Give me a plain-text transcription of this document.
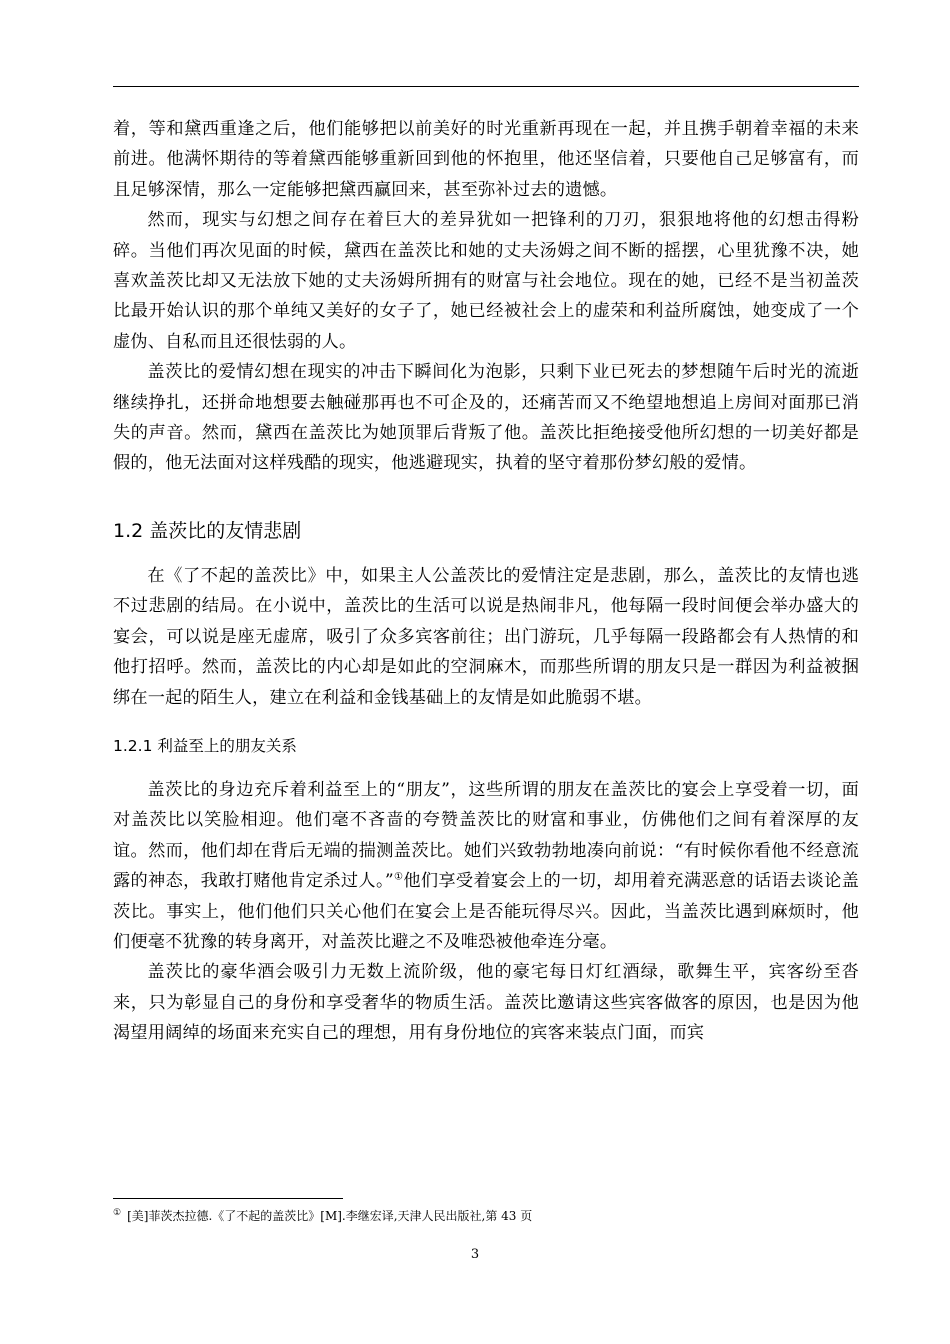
着，等和黛西重逢之后，他们能够把以前美好的时光重新再现在一起，并且携手朝着幸福的未来前进。他满怀期待的等着黛西能够重新回到他的怀抱里，他还坚信着，只要他自己足够富有，而且足够深情，那么一定能够把黛西赢回来，甚至弥补过去的遗憾。

然而，现实与幻想之间存在着巨大的差异犹如一把锋利的刀刃，狠狠地将他的幻想击得粉碎。当他们再次见面的时候，黛西在盖茨比和她的丈夫汤姆之间不断的摇摆，心里犹豫不决，她喜欢盖茨比却又无法放下她的丈夫汤姆所拥有的财富与社会地位。现在的她，已经不是当初盖茨比最开始认识的那个单纯又美好的女子了，她已经被社会上的虚荣和利益所腐蚀，她变成了一个虚伪、自私而且还很怯弱的人。

盖茨比的爱情幻想在现实的冲击下瞬间化为泡影，只剩下业已死去的梦想随午后时光的流逝继续挣扎，还拼命地想要去触碰那再也不可企及的，还痛苦而又不绝望地想追上房间对面那已消失的声音。然而，黛西在盖茨比为她顶罪后背叛了他。盖茨比拒绝接受他所幻想的一切美好都是假的，他无法面对这样残酷的现实，他逃避现实，执着的坚守着那份梦幻般的爱情。

1.2 盖茨比的友情悲剧

在《了不起的盖茨比》中，如果主人公盖茨比的爱情注定是悲剧，那么，盖茨比的友情也逃不过悲剧的结局。在小说中，盖茨比的生活可以说是热闹非凡，他每隔一段时间便会举办盛大的宴会，可以说是座无虚席，吸引了众多宾客前往；出门游玩，几乎每隔一段路都会有人热情的和他打招呼。然而，盖茨比的内心却是如此的空洞麻木，而那些所谓的朋友只是一群因为利益被捆绑在一起的陌生人，建立在利益和金钱基础上的友情是如此脆弱不堪。

1.2.1 利益至上的朋友关系

盖茨比的身边充斥着利益至上的“朋友”，这些所谓的朋友在盖茨比的宴会上享受着一切，面对盖茨比以笑脸相迎。他们毫不吝啬的夸赞盖茨比的财富和事业，仿佛他们之间有着深厚的友谊。然而，他们却在背后无端的揣测盖茨比。她们兴致勃勃地凑向前说：“有时候你看他不经意流露的神态，我敢打赌他肯定杀过人。”①他们享受着宴会上的一切，却用着充满恶意的话语去谈论盖茨比。事实上，他们他们只关心他们在宴会上是否能玩得尽兴。因此，当盖茨比遇到麻烦时，他们便毫不犹豫的转身离开，对盖茨比避之不及唯恐被他牵连分毫。

盖茨比的豪华酒会吸引力无数上流阶级，他的豪宅每日灯红酒绿，歌舞生平，宾客纷至沓来，只为彰显自己的身份和享受奢华的物质生活。盖茨比邀请这些宾客做客的原因，也是因为他渴望用阔绰的场面来充实自己的理想，用有身份地位的宾客来装点门面，而宾

① [美]菲茨杰拉德.《了不起的盖茨比》[M].李继宏译,天津人民出版社,第 43 页
3
